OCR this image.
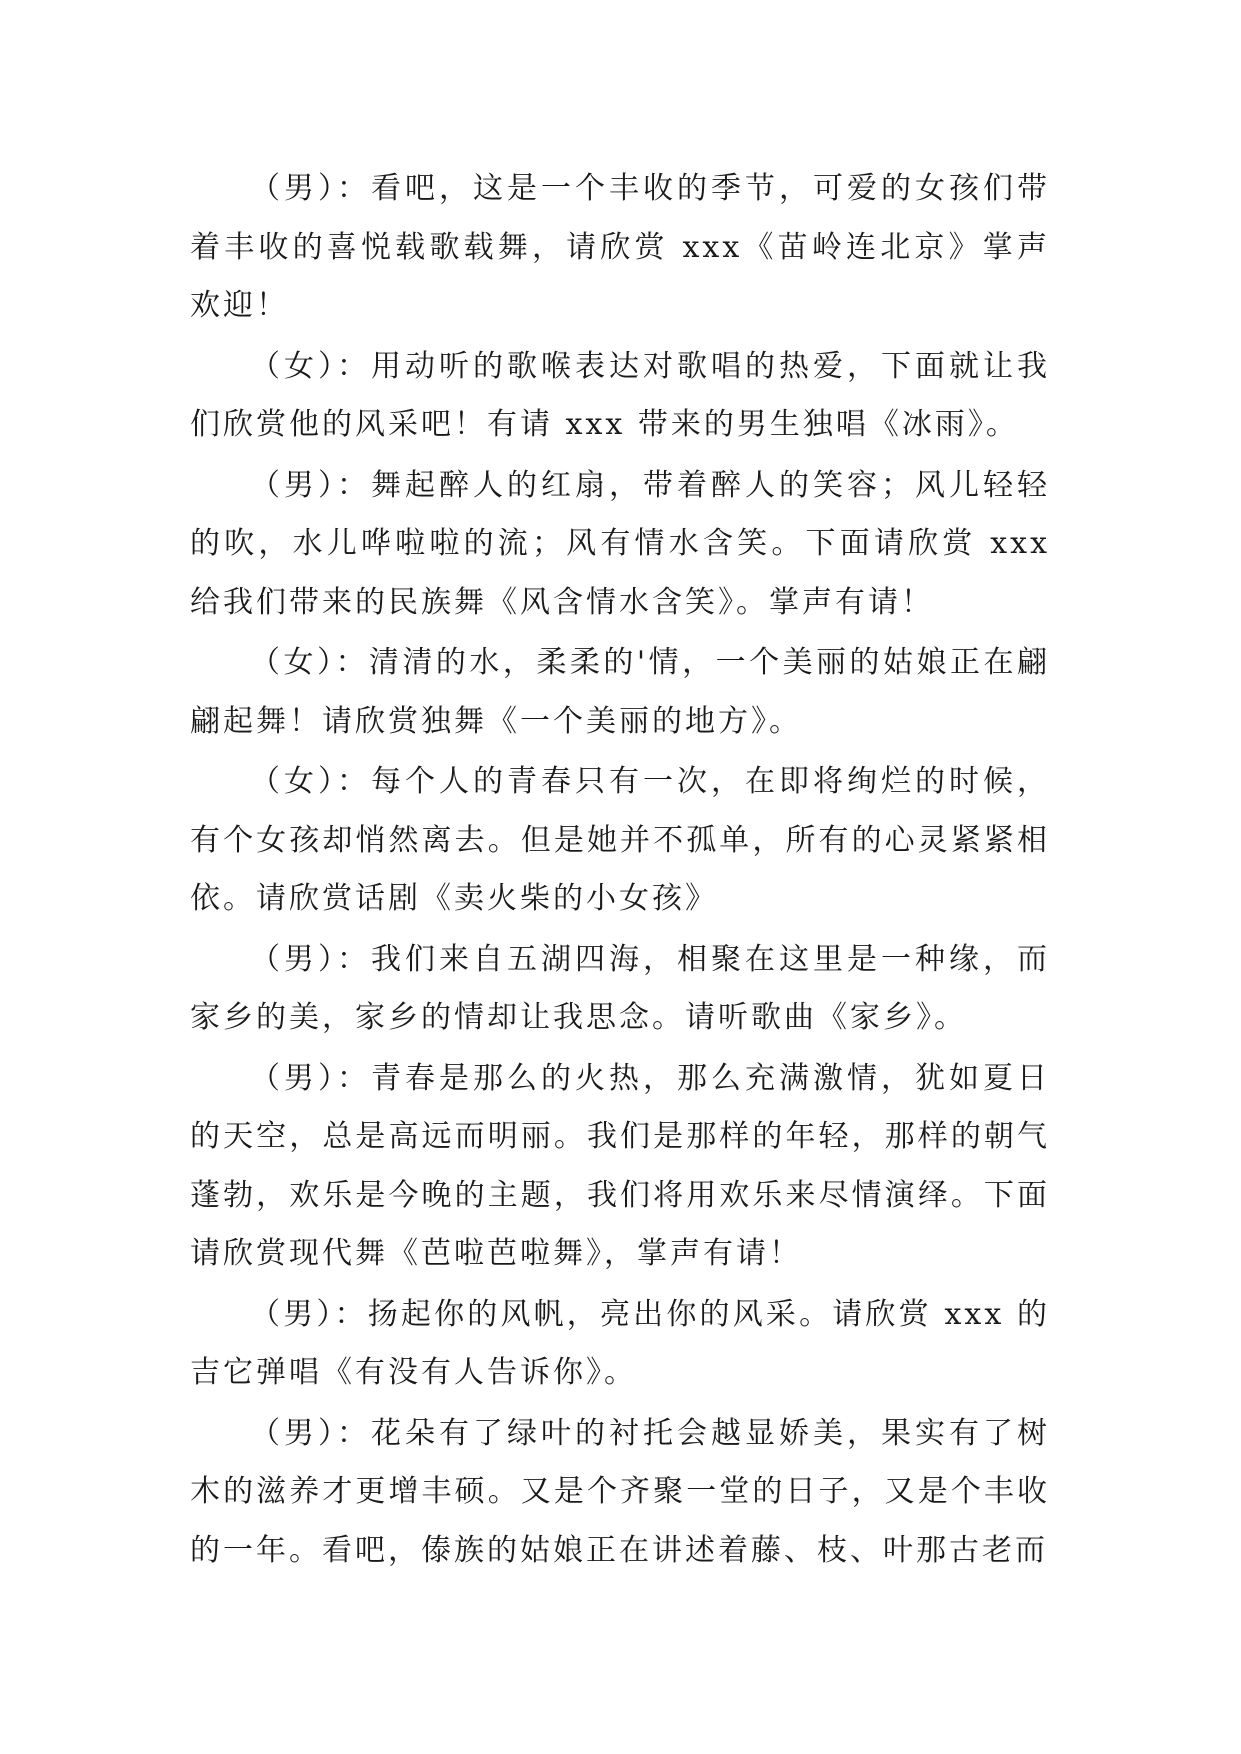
（男）：看吧，这是一个丰收的季节，可爱的女孩们带着丰收的喜悦载歌载舞，请欣赏 xxx《苗岭连北京》掌声欢迎！

（女）：用动听的歌喉表达对歌唱的热爱，下面就让我们欣赏他的风采吧！有请 xxx 带来的男生独唱《冰雨》。

（男）：舞起醉人的红扇，带着醉人的笑容；风儿轻轻的吹，水儿哗啦啦的流；风有情水含笑。下面请欣赏 xxx 给我们带来的民族舞《风含情水含笑》。掌声有请！

（女）：清清的水，柔柔的'情，一个美丽的姑娘正在翩翩起舞！请欣赏独舞《一个美丽的地方》。

（女）：每个人的青春只有一次，在即将绚烂的时候，有个女孩却悄然离去。但是她并不孤单，所有的心灵紧紧相依。请欣赏话剧《卖火柴的小女孩》

（男）：我们来自五湖四海，相聚在这里是一种缘，而家乡的美，家乡的情却让我思念。请听歌曲《家乡》。

（男）：青春是那么的火热，那么充满激情，犹如夏日的天空，总是高远而明丽。我们是那样的年轻，那样的朝气蓬勃，欢乐是今晚的主题，我们将用欢乐来尽情演绎。下面请欣赏现代舞《芭啦芭啦舞》，掌声有请！

（男）：扬起你的风帆，亮出你的风采。请欣赏 xxx 的吉它弹唱《有没有人告诉你》。

（男）：花朵有了绿叶的衬托会越显娇美，果实有了树木的滋养才更增丰硕。又是个齐聚一堂的日子，又是个丰收的一年。看吧，傣族的姑娘正在讲述着藤、枝、叶那古老而
